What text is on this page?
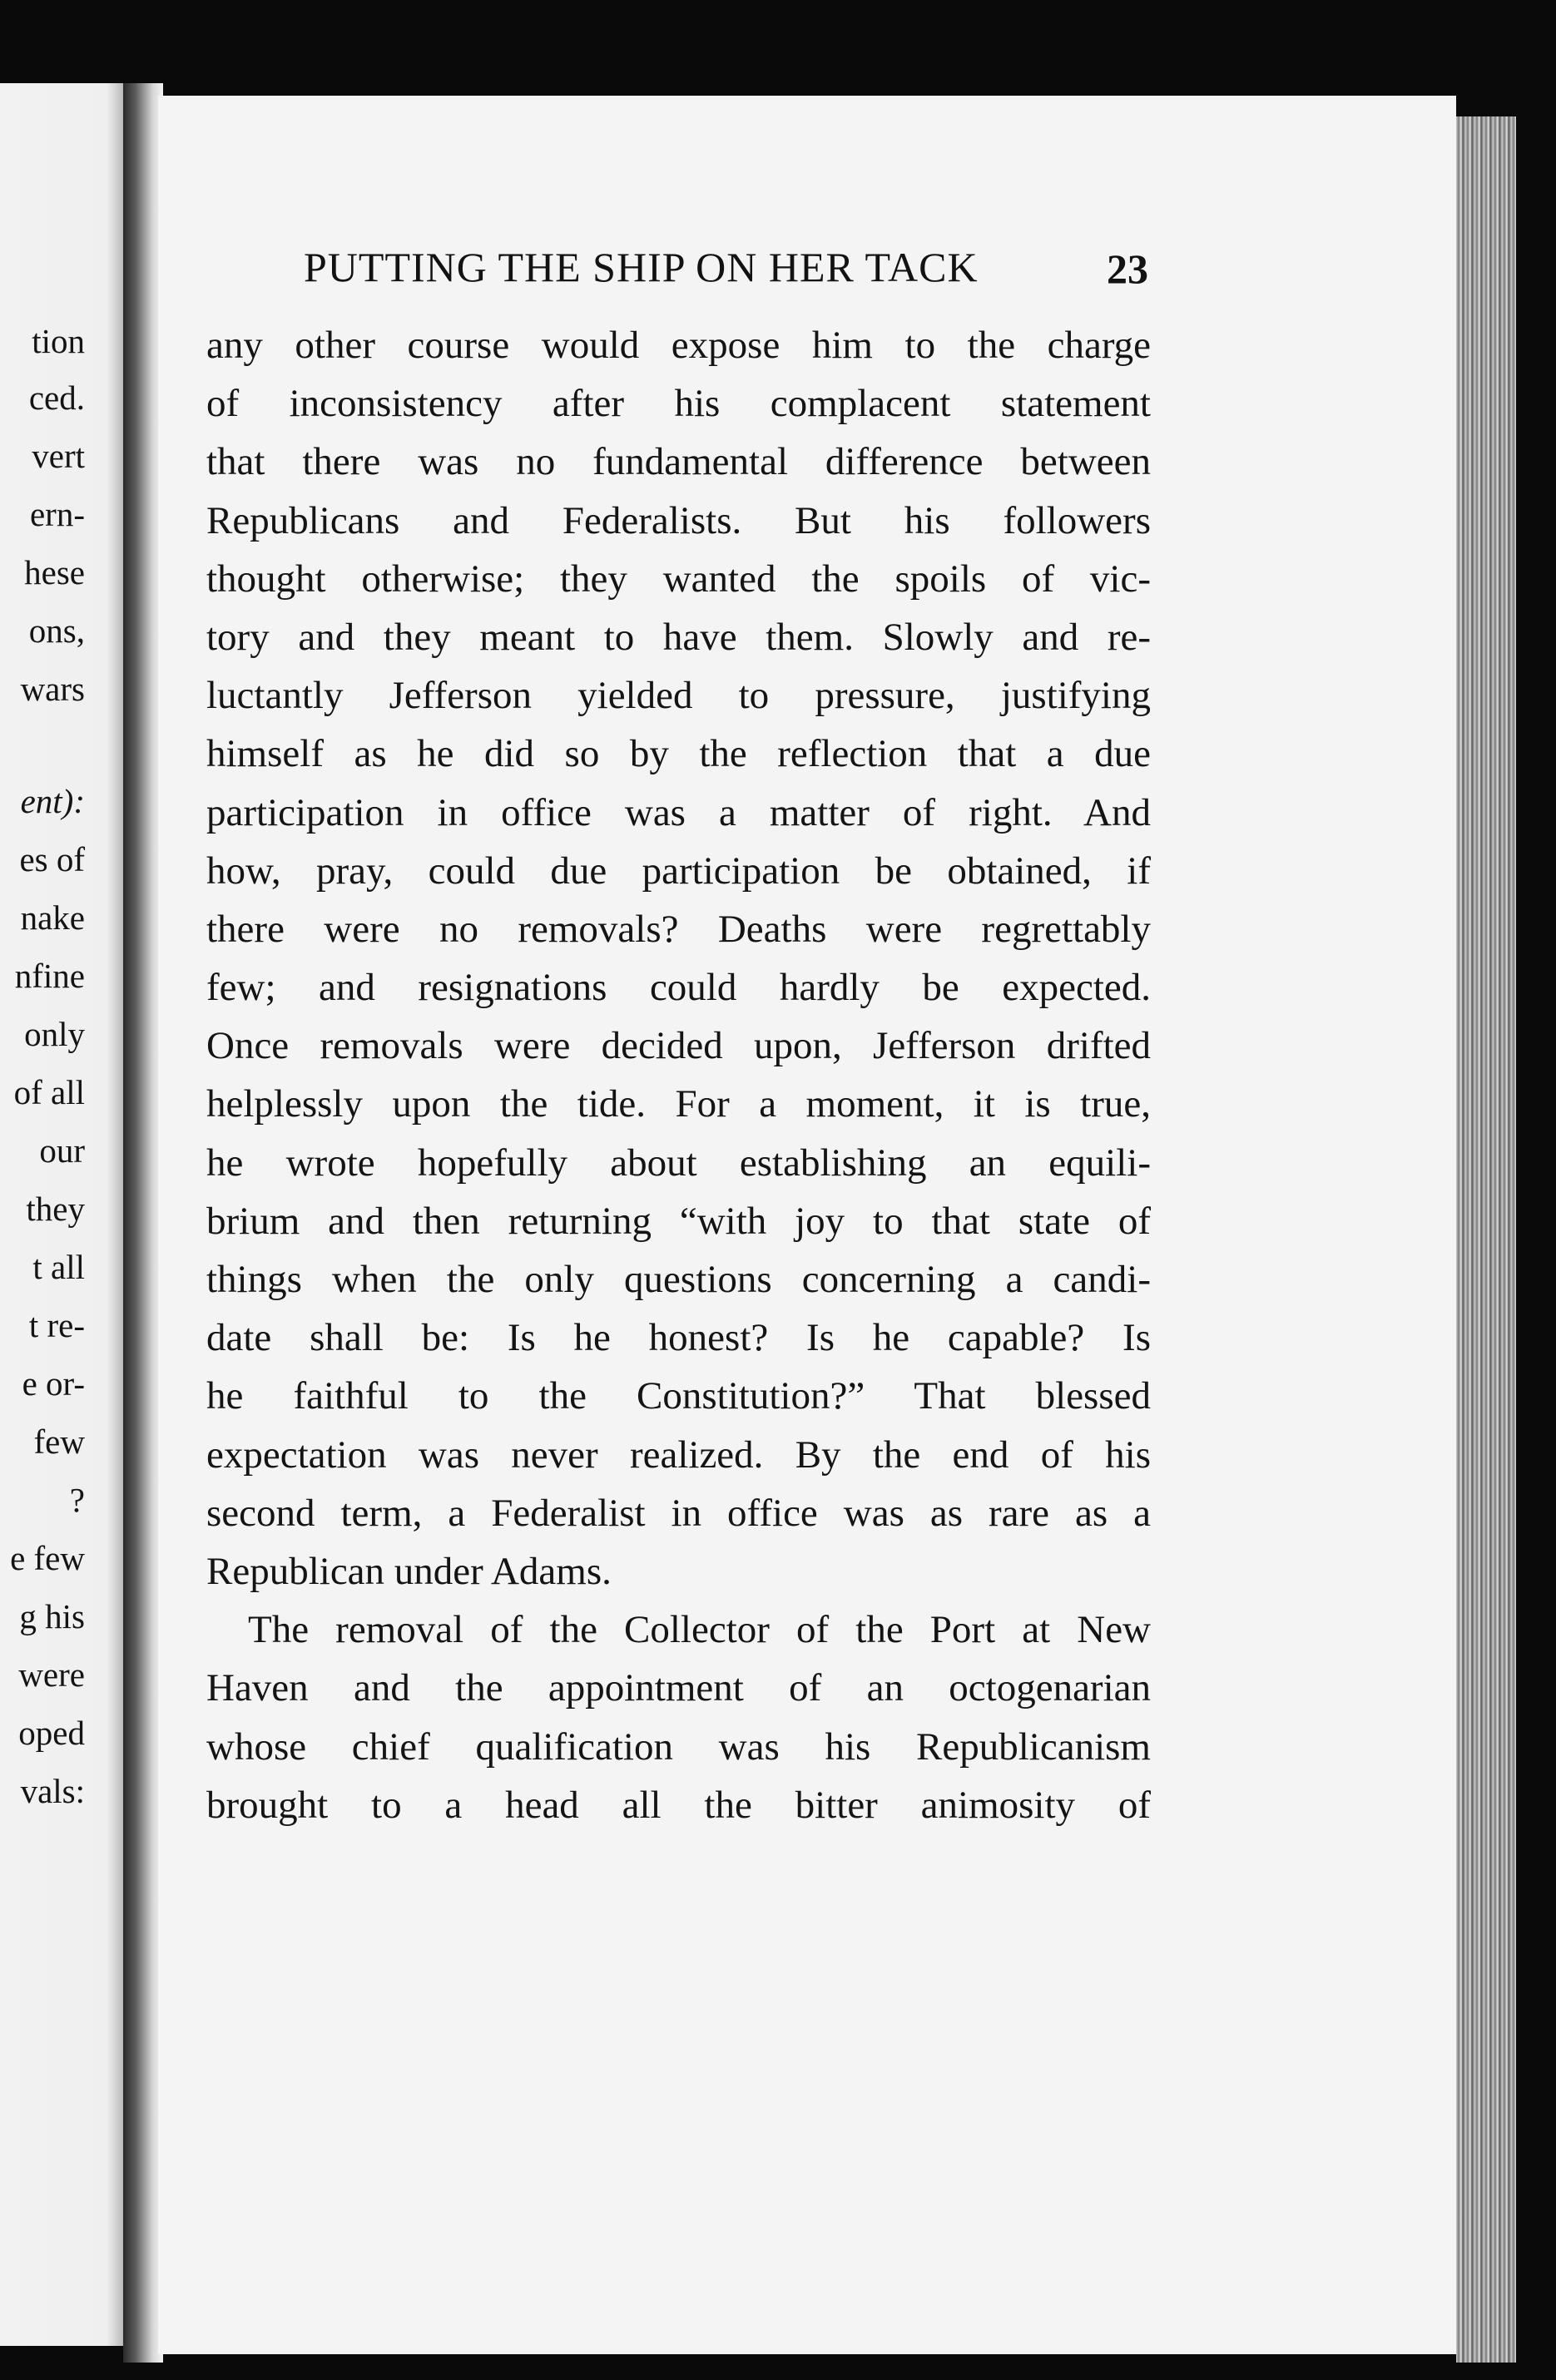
tion
ced.
vert
ern-
hese
ons,
wars
ent):
es of
nake
nfine
only
of all
our
they
t all
t re-
e or-
few
?
e few
g his
were
oped
vals:
PUTTING THE SHIP ON HER TACK	23
any other course would expose him to the charge
of inconsistency after his complacent statement
that there was no fundamental difference between
Republicans and Federalists. But his followers
thought otherwise; they wanted the spoils of vic-
tory and they meant to have them. Slowly and re-
luctantly Jefferson yielded to pressure, justifying
himself as he did so by the reflection that a due
participation in office was a matter of right. And
how, pray, could due participation be obtained, if
there were no removals? Deaths were regrettably
few; and resignations could hardly be expected.
Once removals were decided upon, Jefferson drifted
helplessly upon the tide. For a moment, it is true,
he wrote hopefully about establishing an equili-
brium and then returning “with joy to that state of
things when the only questions concerning a candi-
date shall be: Is he honest? Is he capable? Is
he faithful to the Constitution?” That blessed
expectation was never realized. By the end of his
second term, a Federalist in office was as rare as a
Republican under Adams.
The removal of the Collector of the Port at New
Haven and the appointment of an octogenarian
whose chief qualification was his Republicanism
brought to a head all the bitter animosity of
